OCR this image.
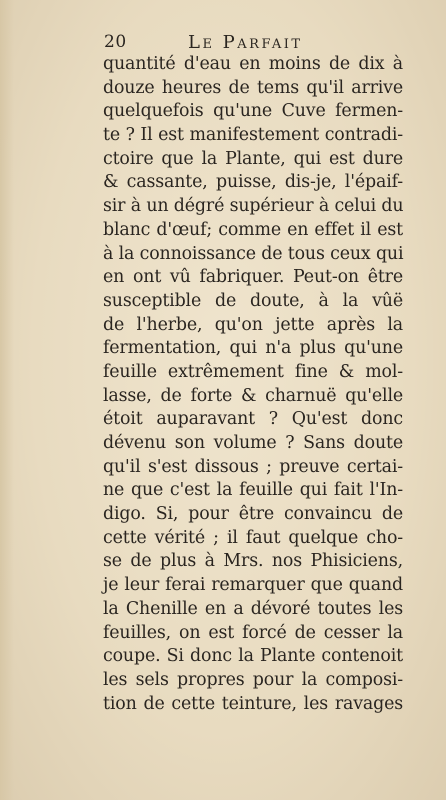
20	Le Parfait
quantité d'eau en moins de dix à
douze heures de tems qu'il arrive
quelquefois qu'une Cuve fermen-
te ? Il est manifestement contradi-
ctoire que la Plante, qui est dure
& cassante, puisse, dis-je, l'épaif-
sir à un dégré supérieur à celui du
blanc d'œuf; comme en effet il est
à la connoissance de tous ceux qui
en ont vû fabriquer. Peut-on être
susceptible de doute, à la vûë
de l'herbe, qu'on jette après la
fermentation, qui n'a plus qu'une
feuille extrêmement fine & mol-
lasse, de forte & charnuë qu'elle
étoit auparavant ? Qu'est donc
dévenu son volume ? Sans doute
qu'il s'est dissous ; preuve certai-
ne que c'est la feuille qui fait l'In-
digo. Si, pour être convaincu de
cette vérité ; il faut quelque cho-
se de plus à Mrs. nos Phisiciens,
je leur ferai remarquer que quand
la Chenille en a dévoré toutes les
feuilles, on est forcé de cesser la
coupe. Si donc la Plante contenoit
les sels propres pour la composi-
tion de cette teinture, les ravages
